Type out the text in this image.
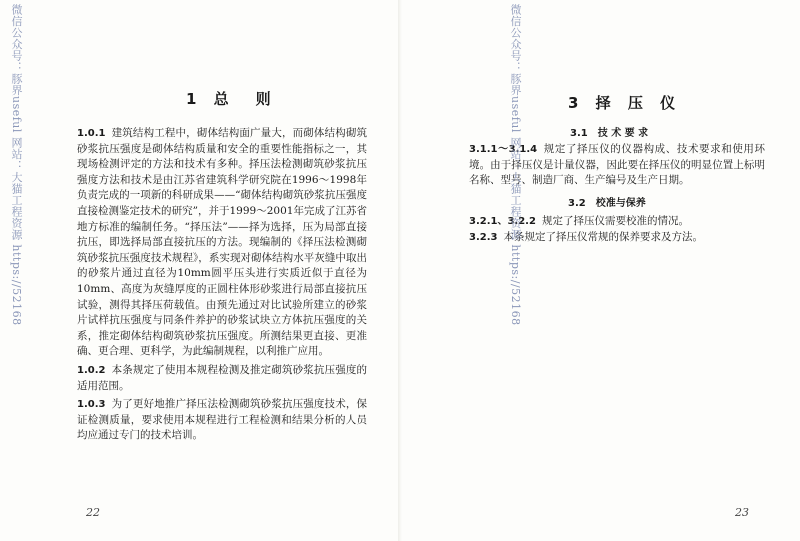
微信公众号：豚界useful 网站：大猫工程资源 https://52168	1 总　则

1.0.1 建筑结构工程中，砌体结构面广量大，而砌体结构砌筑砂浆抗压强度是砌体结构质量和安全的重要性能指标之一，其现场检测评定的方法和技术有多种。择压法检测砌筑砂浆抗压强度方法和技术是由江苏省建筑科学研究院在1996～1998年负责完成的一项新的科研成果——“砌体结构砌筑砂浆抗压强度直接检测鉴定技术的研究”，并于1999～2001年完成了江苏省地方标准的编制任务。“择压法”——择为选择，压为局部直接抗压，即选择局部直接抗压的方法。现编制的《择压法检测砌筑砂浆抗压强度技术规程》，系实现对砌体结构水平灰缝中取出的砂浆片通过直径为10mm圆平压头进行实质近似于直径为10mm、高度为灰缝厚度的正圆柱体形砂浆进行局部直接抗压试验，测得其择压荷载值。由预先通过对比试验所建立的砂浆片试样抗压强度与同条件养护的砂浆试块立方体抗压强度的关系，推定砌体结构砌筑砂浆抗压强度。所测结果更直接、更准确、更合理、更科学，为此编制规程，以利推广应用。

1.0.2 本条规定了使用本规程检测及推定砌筑砂浆抗压强度的适用范围。

1.0.3 为了更好地推广择压法检测砌筑砂浆抗压强度技术，保证检测质量，要求使用本规程进行工程检测和结果分析的人员均应通过专门的技术培训。

22
3 择 压 仪
3.1　技 术 要 求

3.1.1～3.1.4 规定了择压仪的仪器构成、技术要求和使用环境。由于择压仪是计量仪器，因此要在择压仪的明显位置上标明名称、型号、制造厂商、生产编号及生产日期。

3.2　校准与保养

3.2.1、3.2.2 规定了择压仪需要校准的情况。

3.2.3 本条规定了择压仪常规的保养要求及方法。

23
微信公众号：豚界useful 网站：大猫工程资源 https://52168
